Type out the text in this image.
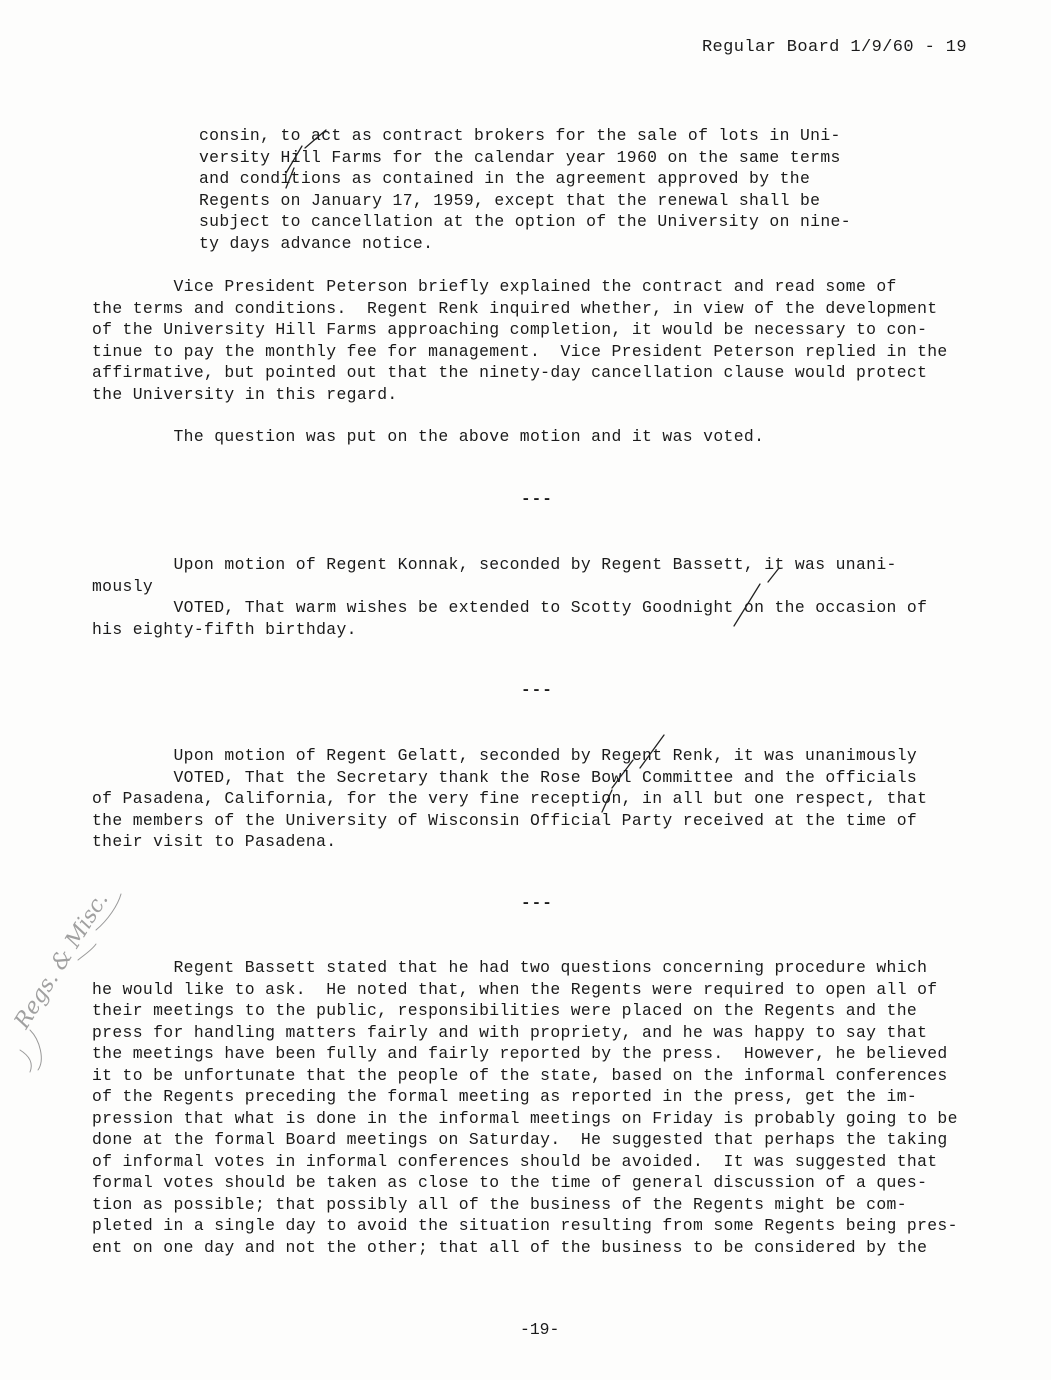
Regular Board 1/9/60 - 19
consin, to act as contract brokers for the sale of lots in Uni-
versity Hill Farms for the calendar year 1960 on the same terms
and conditions as contained in the agreement approved by the
Regents on January 17, 1959, except that the renewal shall be
subject to cancellation at the option of the University on nine-
ty days advance notice.
Vice President Peterson briefly explained the contract and read some of
the terms and conditions.  Regent Renk inquired whether, in view of the development
of the University Hill Farms approaching completion, it would be necessary to con-
tinue to pay the monthly fee for management.  Vice President Peterson replied in the
affirmative, but pointed out that the ninety-day cancellation clause would protect
the University in this regard.
The question was put on the above motion and it was voted.
---
Upon motion of Regent Konnak, seconded by Regent Bassett, it was unani-
mously
VOTED, That warm wishes be extended to Scotty Goodnight on the occasion of
his eighty-fifth birthday.
---
Upon motion of Regent Gelatt, seconded by Regent Renk, it was unanimously
VOTED, That the Secretary thank the Rose Bowl Committee and the officials
of Pasadena, California, for the very fine reception, in all but one respect, that
the members of the University of Wisconsin Official Party received at the time of
their visit to Pasadena.
---
Regent Bassett stated that he had two questions concerning procedure which
he would like to ask.  He noted that, when the Regents were required to open all of
their meetings to the public, responsibilities were placed on the Regents and the
press for handling matters fairly and with propriety, and he was happy to say that
the meetings have been fully and fairly reported by the press.  However, he believed
it to be unfortunate that the people of the state, based on the informal conferences
of the Regents preceding the formal meeting as reported in the press, get the im-
pression that what is done in the informal meetings on Friday is probably going to be
done at the formal Board meetings on Saturday.  He suggested that perhaps the taking
of informal votes in informal conferences should be avoided.  It was suggested that
formal votes should be taken as close to the time of general discussion of a ques-
tion as possible; that possibly all of the business of the Regents might be com-
pleted in a single day to avoid the situation resulting from some Regents being pres-
ent on one day and not the other; that all of the business to be considered by the
-19-
Regs. & Misc.
